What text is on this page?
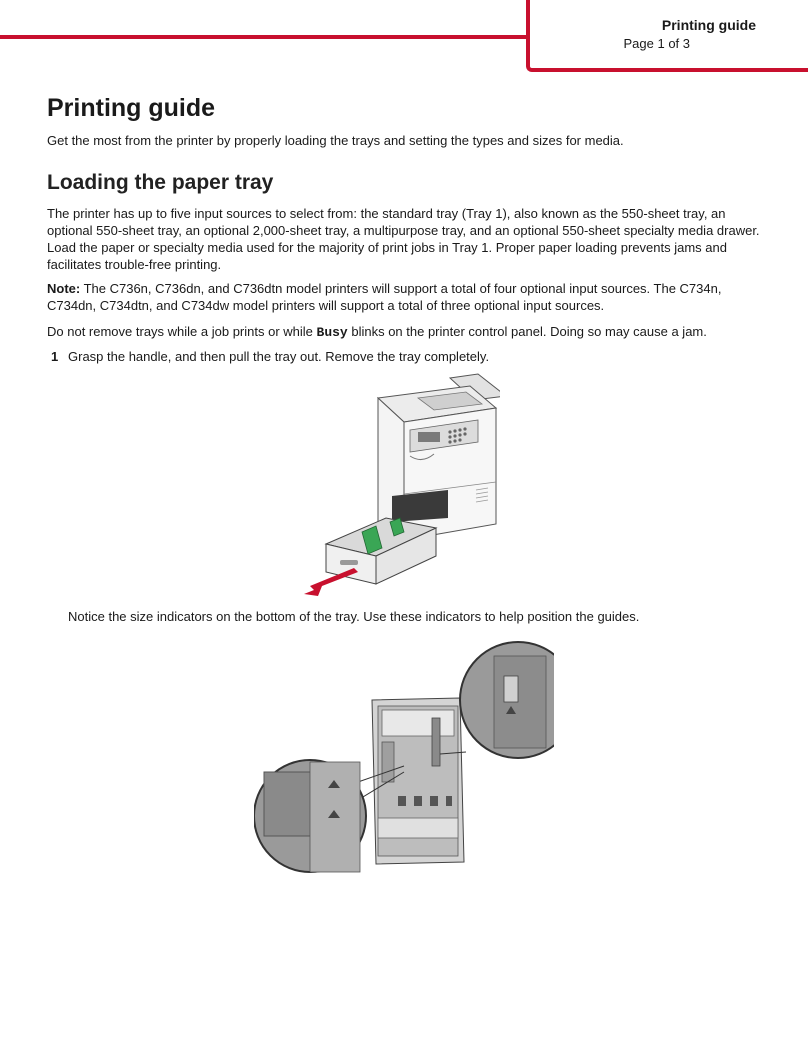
Printing guide
Page 1 of 3
Printing guide
Get the most from the printer by properly loading the trays and setting the types and sizes for media.
Loading the paper tray

The printer has up to five input sources to select from: the standard tray (Tray 1), also known as the 550-sheet tray, an optional 550-sheet tray, an optional 2,000-sheet tray, a multipurpose tray, and an optional 550-sheet specialty media drawer. Load the paper or specialty media used for the majority of print jobs in Tray 1. Proper paper loading prevents jams and facilitates trouble-free printing.

Note: The C736n, C736dn, and C736dtn model printers will support a total of four optional input sources. The C734n, C734dn, C734dtn, and C734dw model printers will support a total of three optional input sources.

Do not remove trays while a job prints or while Busy blinks on the printer control panel. Doing so may cause a jam.

1 Grasp the handle, and then pull the tray out. Remove the tray completely.
Notice the size indicators on the bottom of the tray. Use these indicators to help position the guides.
